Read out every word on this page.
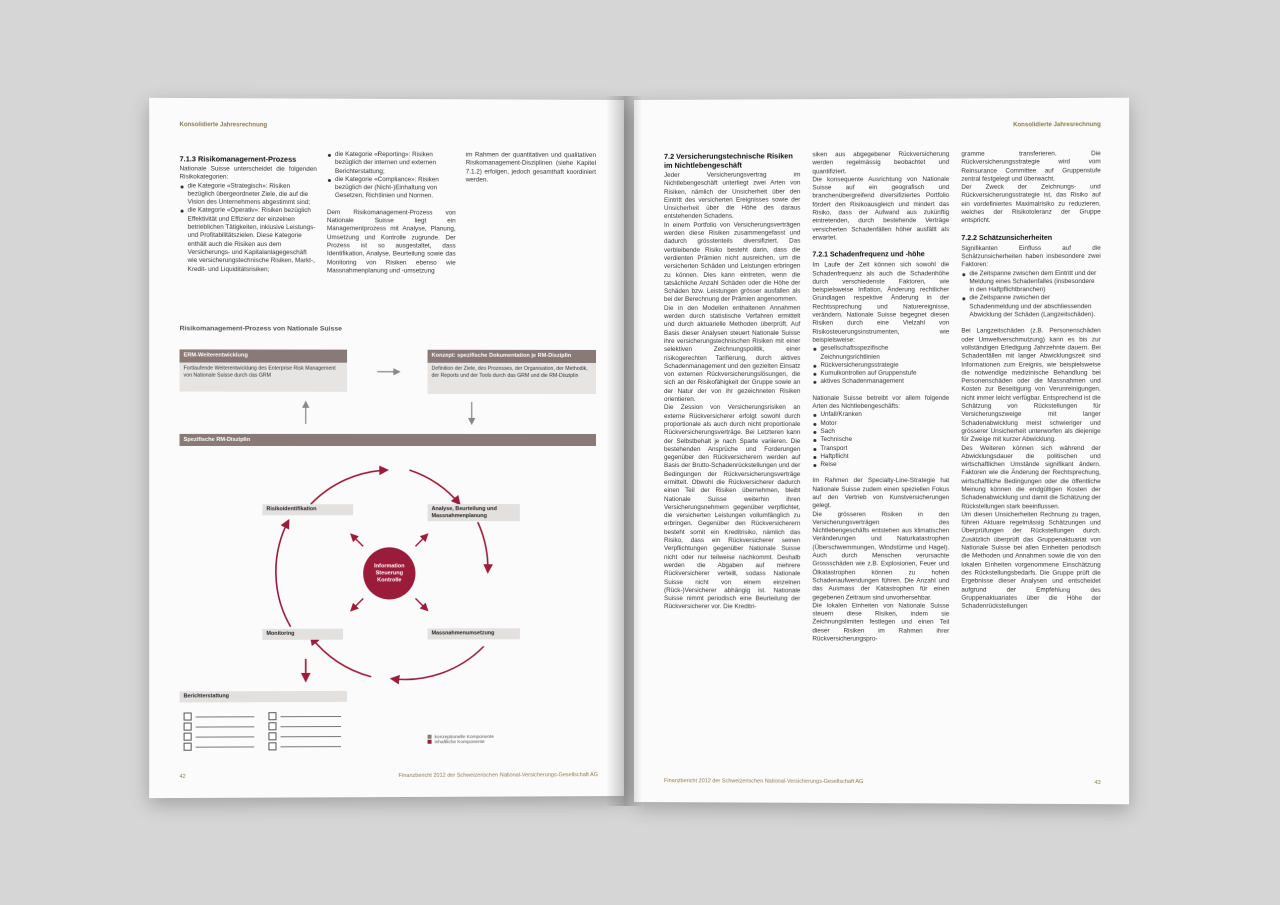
Konsolidierte Jahresrechnung
7.1.3 Risikomanagement-Prozess

Nationale Suisse unterscheidet die folgenden Risikokategorien:

die Kategorie «Strategisch»: Risiken bezüglich übergeordneter Ziele, die auf die Vision des Unternehmens abgestimmt sind;
die Kategorie «Operativ»: Risiken bezüglich Effektivität und Effizienz der einzelnen betrieblichen Tätigkeiten, inklusive Leistungs- und Profitabilitätszielen. Diese Kategorie enthält auch die Risiken aus dem Versicherungs- und Kapitalanlagegeschäft wie versicherungstechnische Risiken, Markt-, Kredit- und Liquiditätsrisiken;
die Kategorie «Reporting»: Risiken bezüglich der internen und externen Berichterstattung;
die Kategorie «Compliance»: Risiken bezüglich der (Nicht-)Einhaltung von Gesetzen, Richtlinien und Normen.

Dem Risikomanagement-Prozess von Nationale Suisse liegt ein Managementprozess mit Analyse, Planung, Umsetzung und Kontrolle zugrunde. Der Prozess ist so ausgestaltet, dass Identifikation, Analyse, Beurteilung sowie das Monitoring von Risiken ebenso wie Massnahmenplanung und -umsetzung

im Rahmen der quantitativen und qualitativen Risikomanagement-Disziplinen (siehe Kapitel 7.1.2) erfolgen, jedoch gesamthaft koordiniert werden.

Risikomanagement-Prozess von Nationale Suisse
ERM-Weiterentwicklung
Fortlaufende Weiterentwicklung des Enterprise Risk Management von Nationale Suisse durch das GRM
Konzept: spezifische Dokumentation je RM-Disziplin
Definition der Ziele, des Prozesses, der Organisation, der Methodik, der Reports und der Tools durch das GRM und die RM-Disziplin
Spezifische RM-Disziplin
Risikoidentifikation	Analyse, Beurteilung und Massnahmenplanung
Monitoring	Massnahmenumsetzung
Information
Steuerung
Kontrolle
Berichterstattung
konzeptionelle Komponente
inhaltliche Komponente
42	Finanzbericht 2012 der Schweizerischen National-Versicherungs-Gesellschaft AG
Konsolidierte Jahresrechnung
7.2 Versicherungstechnische Risiken im Nichtlebengeschäft

Jeder Versicherungsvertrag im Nichtlebengeschäft unterliegt zwei Arten von Risiken, nämlich der Unsicherheit über den Eintritt des versicherten Ereignisses sowie der Unsicherheit über die Höhe des daraus entstehenden Schadens.

In einem Portfolio von Versicherungsverträgen werden diese Risiken zusammengefasst und dadurch grösstenteils diversifiziert. Das verbleibende Risiko besteht darin, dass die verdienten Prämien nicht ausreichen, um die versicherten Schäden und Leistungen erbringen zu können. Dies kann eintreten, wenn die tatsächliche Anzahl Schäden oder die Höhe der Schäden bzw. Leistungen grösser ausfallen als bei der Berechnung der Prämien angenommen.

Die in den Modellen enthaltenen Annahmen werden durch statistische Verfahren ermittelt und durch aktuarielle Methoden überprüft. Auf Basis dieser Analysen steuert Nationale Suisse ihre versicherungstechnischen Risiken mit einer selektiven Zeichnungspolitik, einer risikogerechten Tarifierung, durch aktives Schadenmanagement und den gezielten Einsatz von externen Rückversicherungslösungen, die sich an der Risikofähigkeit der Gruppe sowie an der Natur der von ihr gezeichneten Risiken orientieren.

Die Zession von Versicherungsrisiken an externe Rückversicherer erfolgt sowohl durch proportionale als auch durch nicht proportionale Rückversicherungsverträge. Bei Letzteren kann der Selbstbehalt je nach Sparte variieren. Die bestehenden Ansprüche und Forderungen gegenüber den Rückversicherern werden auf Basis der Brutto-Schadenrückstellungen und der Bedingungen der Rückversicherungsverträge ermittelt. Obwohl die Rückversicherer dadurch einen Teil der Risiken übernehmen, bleibt Nationale Suisse weiterhin ihren Versicherungsnehmern gegenüber verpflichtet, die versicherten Leistungen vollumfänglich zu erbringen. Gegenüber den Rückversicherern besteht somit ein Kreditrisiko, nämlich das Risiko, dass ein Rückversicherer seinen Verpflichtungen gegenüber Nationale Suisse nicht oder nur teilweise nachkommt. Deshalb werden die Abgaben auf mehrere Rückversicherer verteilt, sodass Nationale Suisse nicht von einem einzelnen (Rück-)Versicherer abhängig ist. Nationale Suisse nimmt periodisch eine Beurteilung der Rückversicherer vor. Die Kreditri-

siken aus abgegebener Rückversicherung werden regelmässig beobachtet und quantifiziert.

Die konsequente Ausrichtung von Nationale Suisse auf ein geografisch und branchenübergreifend diversifiziertes Portfolio fördert den Risikoausgleich und mindert das Risiko, dass der Aufwand aus zukünftig eintretenden, durch bestehende Verträge versicherten Schadenfällen höher ausfällt als erwartet.

7.2.1 Schadenfrequenz und -höhe

Im Laufe der Zeit können sich sowohl die Schadenfrequenz als auch die Schadenhöhe durch verschiedenste Faktoren, wie beispielsweise Inflation, Änderung rechtlicher Grundlagen respektive Änderung in der Rechtssprechung und Naturereignisse, verändern. Nationale Suisse begegnet diesen Risiken durch eine Vielzahl von Risikosteuerungsinstrumenten, wie beispielsweise:

gesellschaftsspezifische Zeichnungsrichtlinien
Rückversicherungsstrategie
Kumulkontrollen auf Gruppenstufe
aktives Schadenmanagement

Nationale Suisse betreibt vor allem folgende Arten des Nichtlebengeschäfts:

Unfall/Kranken
Motor
Sach
Technische
Transport
Haftpflicht
Reise

Im Rahmen der Specialty-Line-Strategie hat Nationale Suisse zudem einen speziellen Fokus auf den Vertrieb von Kunstversicherungen gelegt.

Die grösseren Risiken in den Versicherungsverträgen des Nichtlebengeschäfts entstehen aus klimatischen Veränderungen und Naturkatastrophen (Überschwemmungen, Windstürme und Hagel). Auch durch Menschen verursachte Grossschäden wie z.B. Explosionen, Feuer und Ölkatastrophen können zu hohen Schadenaufwendungen führen. Die Anzahl und das Ausmass der Katastrophen für einen gegebenen Zeitraum sind unvorhersehbar.

Die lokalen Einheiten von Nationale Suisse steuern diese Risiken, indem sie Zeichnungslimiten festlegen und einen Teil dieser Risiken im Rahmen ihrer Rückversicherungspro-

gramme transferieren. Die Rückversicherungsstrategie wird vom Reinsurance Committee auf Gruppenstufe zentral festgelegt und überwacht.

Der Zweck der Zeichnungs- und Rückversicherungsstrategie ist, das Risiko auf ein vordefiniertes Maximalrisiko zu reduzieren, welches der Risikotoleranz der Gruppe entspricht.

7.2.2 Schätzunsicherheiten

Signifikanten Einfluss auf die Schätzunsicherheiten haben insbesondere zwei Faktoren:

die Zeitspanne zwischen dem Eintritt und der Meldung eines Schadenfalles (insbesondere in den Haftpflichtbranchen)
die Zeitspanne zwischen der Schadenmeldung und der abschliessenden Abwicklung der Schäden (Langzeitschäden).

Bei Langzeitschäden (z.B. Personenschäden oder Umweltverschmutzung) kann es bis zur vollständigen Erledigung Jahrzehnte dauern. Bei Schadenfällen mit langer Abwicklungszeit sind Informationen zum Ereignis, wie beispielsweise die notwendige medizinische Behandlung bei Personenschäden oder die Massnahmen und Kosten zur Beseitigung von Verunreinigungen, nicht immer leicht verfügbar. Entsprechend ist die Schätzung von Rückstellungen für Versicherungszweige mit langer Schadenabwicklung meist schwieriger und grösserer Unsicherheit unterworfen als diejenige für Zweige mit kurzer Abwicklung.

Des Weiteren können sich während der Abwicklungsdauer die politischen und wirtschaftlichen Umstände signifikant ändern. Faktoren wie die Änderung der Rechtsprechung, wirtschaftliche Bedingungen oder die öffentliche Meinung können die endgültigen Kosten der Schadenabwicklung und damit die Schätzung der Rückstellungen stark beeinflussen.

Um diesen Unsicherheiten Rechnung zu tragen, führen Aktuare regelmässig Schätzungen und Überprüfungen der Rückstellungen durch. Zusätzlich überprüft das Gruppenaktuariat von Nationale Suisse bei allen Einheiten periodisch die Methoden und Annahmen sowie die von den lokalen Einheiten vorgenommene Einschätzung des Rückstellungsbedarfs. Die Gruppe prüft die Ergebnisse dieser Analysen und entscheidet aufgrund der Empfehlung des Gruppenaktuariates über die Höhe der Schadenrückstellungen

Finanzbericht 2012 der Schweizerischen National-Versicherungs-Gesellschaft AG	43
